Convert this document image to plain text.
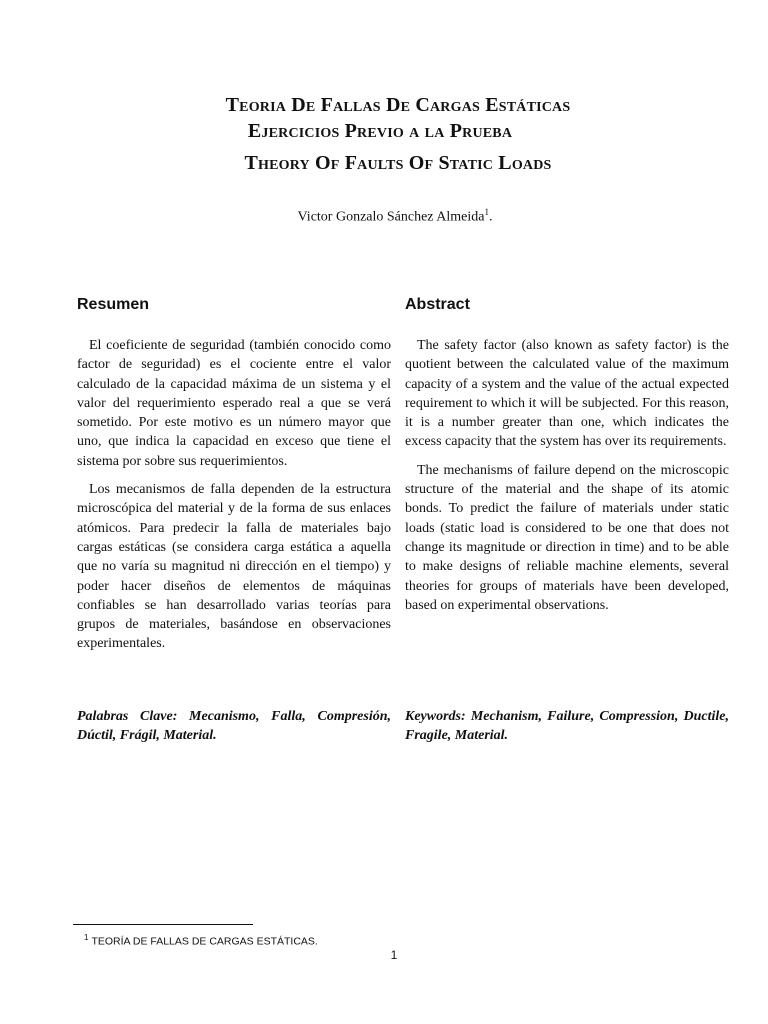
Teoria De Fallas De Cargas Estáticas
Ejercicios Previo a la Prueba
Theory Of Faults Of Static Loads
Victor Gonzalo Sánchez Almeida$^1$.
Resumen

El coeficiente de seguridad (también conocido como factor de seguridad) es el cociente entre el valor calculado de la capacidad máxima de un sistema y el valor del requerimiento esperado real a que se verá sometido. Por este motivo es un número mayor que uno, que indica la capacidad en exceso que tiene el sistema por sobre sus requerimientos.

Los mecanismos de falla dependen de la estructura microscópica del material y de la forma de sus enlaces atómicos. Para predecir la falla de materiales bajo cargas estáticas (se considera carga estática a aquella que no varía su magnitud ni dirección en el tiempo) y poder hacer diseños de elementos de máquinas confiables se han desarrollado varias teorías para grupos de materiales, basándose en observaciones experimentales.

Abstract

The safety factor (also known as safety factor) is the quotient between the calculated value of the maximum capacity of a system and the value of the actual expected requirement to which it will be subjected. For this reason, it is a number greater than one, which indicates the excess capacity that the system has over its requirements.

The mechanisms of failure depend on the microscopic structure of the material and the shape of its atomic bonds. To predict the failure of materials under static loads (static load is considered to be one that does not change its magnitude or direction in time) and to be able to make designs of reliable machine elements, several theories for groups of materials have been developed, based on experimental observations.

Palabras Clave: Mecanismo, Falla, Compresión, Dúctil, Frágil, Material.
Keywords: Mechanism, Failure, Compression, Ductile, Fragile, Material.
$^1$ TEORÍA DE FALLAS DE CARGAS ESTÁTICAS.
1
